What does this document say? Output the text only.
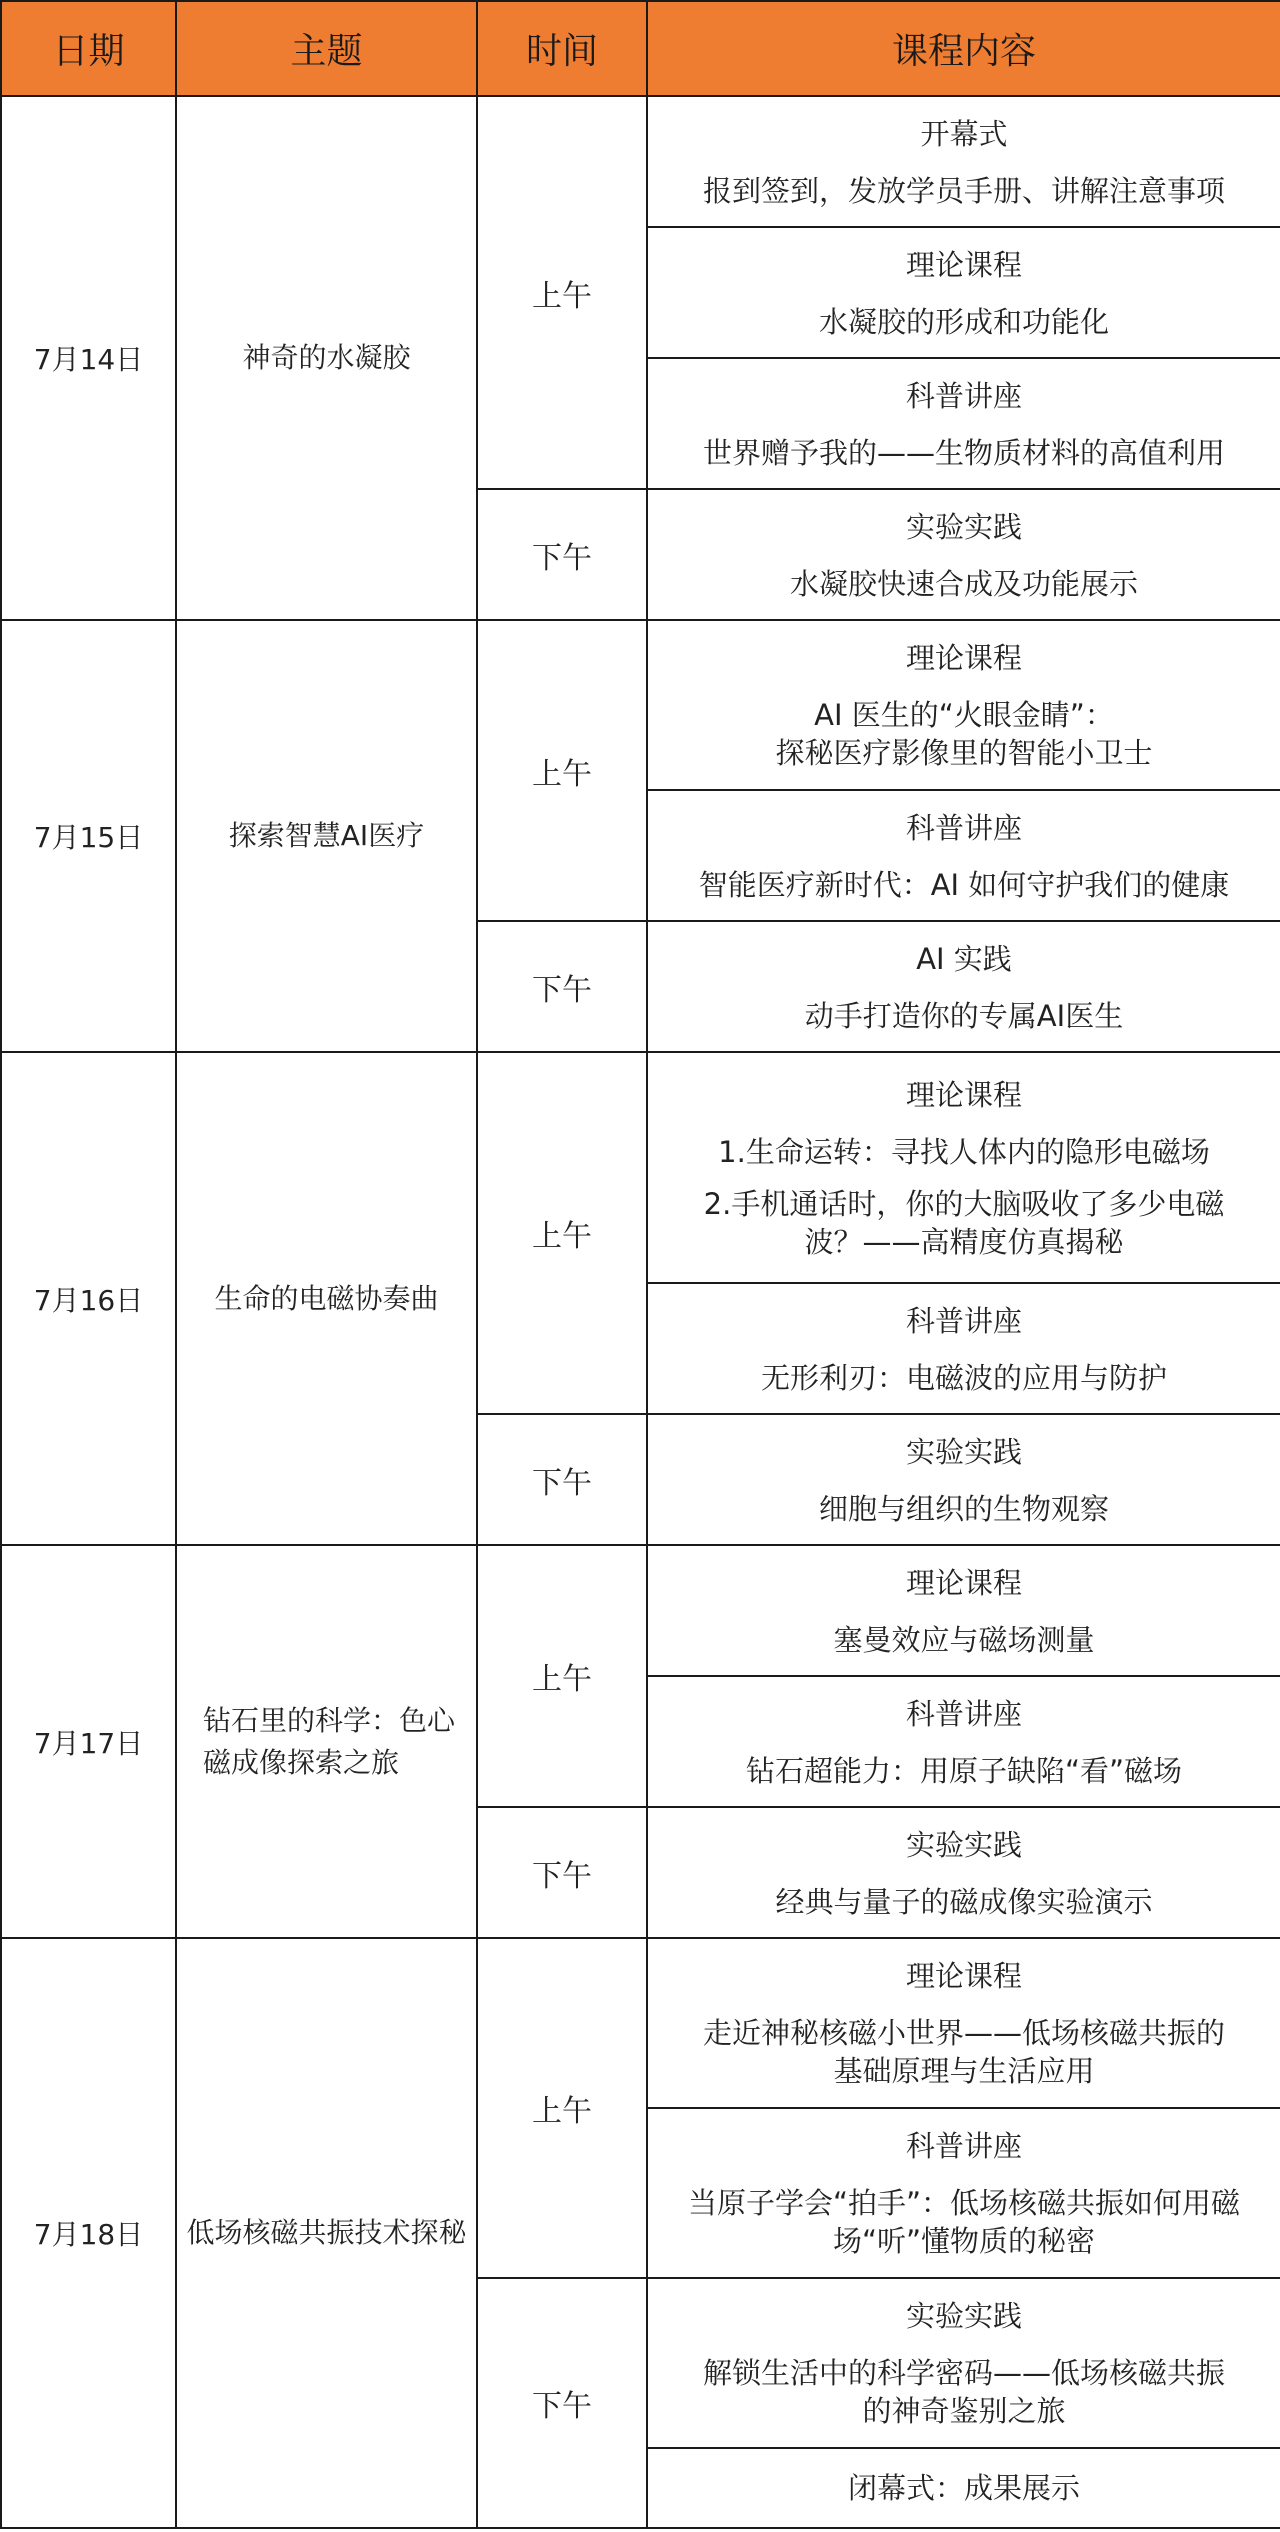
日期	主题	时间	课程内容
7月14日	神奇的水凝胶	上午	开幕式
报到签到，发放学员手册、讲解注意事项

			理论课程
水凝胶的形成和功能化

			科普讲座
世界赠予我的——生物质材料的高值利用

		下午	实验实践
水凝胶快速合成及功能展示

7月15日	探索智慧AI医疗	上午	理论课程
AI 医生的“火眼金睛”：
探秘医疗影像里的智能小卫士

			科普讲座
智能医疗新时代：AI 如何守护我们的健康

		下午	AI 实践
动手打造你的专属AI医生

7月16日	生命的电磁协奏曲	上午	理论课程
1.生命运转：寻找人体内的隐形电磁场
2.手机通话时，你的大脑吸收了多少电磁
波？——高精度仿真揭秘

			科普讲座
无形利刃：电磁波的应用与防护

		下午	实验实践
细胞与组织的生物观察

7月17日	钻石里的科学：色心磁成像探索之旅	上午	理论课程
塞曼效应与磁场测量

			科普讲座
钻石超能力：用原子缺陷“看”磁场

		下午	实验实践
经典与量子的磁成像实验演示

7月18日	低场核磁共振技术探秘	上午	理论课程
走近神秘核磁小世界——低场核磁共振的
基础原理与生活应用

			科普讲座
当原子学会“拍手”：低场核磁共振如何用磁
场“听”懂物质的秘密

		下午	实验实践
解锁生活中的科学密码——低场核磁共振
的神奇鉴别之旅

			闭幕式：成果展示
